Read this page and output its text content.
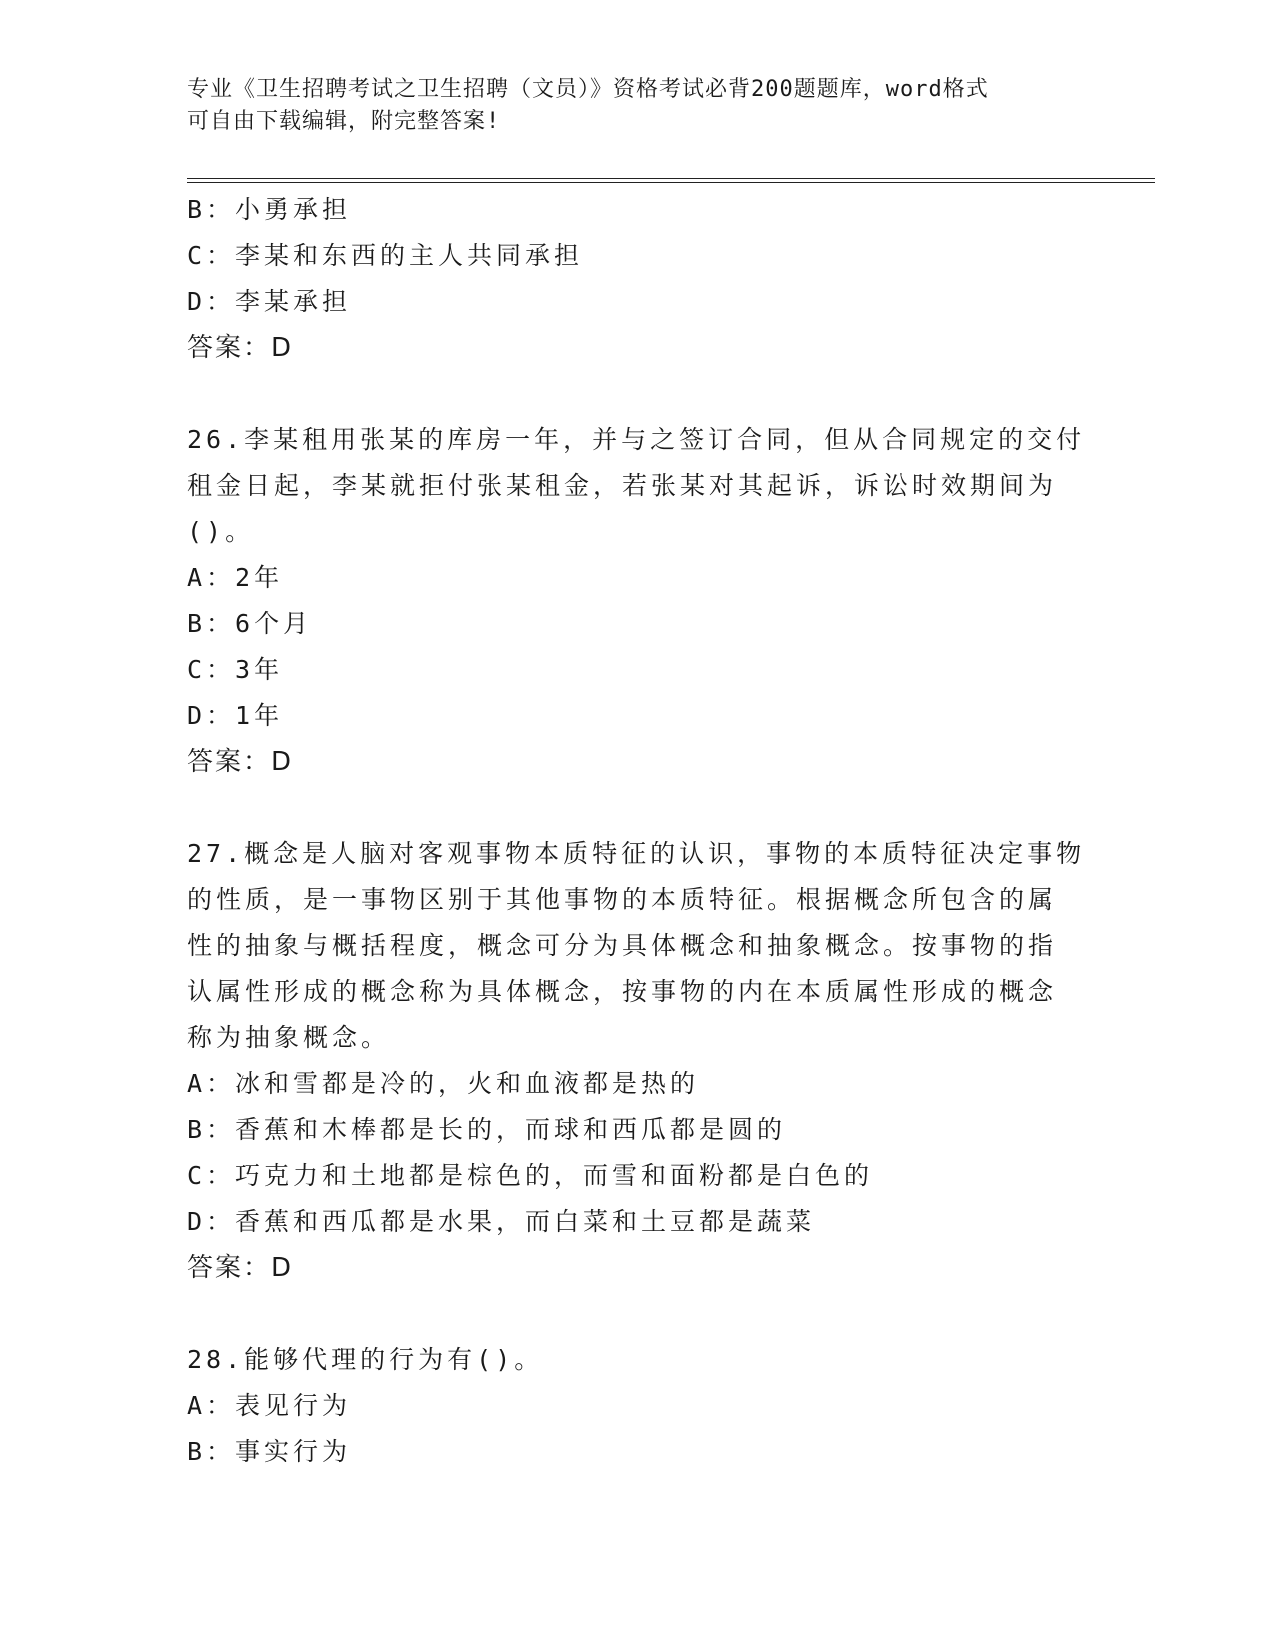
专业《卫生招聘考试之卫生招聘（文员）》资格考试必背200题题库，word格式
可自由下载编辑，附完整答案!
B：小勇承担
C：李某和东西的主人共同承担
D：李某承担
答案：D
26.李某租用张某的库房一年，并与之签订合同，但从合同规定的交付
租金日起，李某就拒付张某租金，若张某对其起诉，诉讼时效期间为
()。
A：2年
B：6个月
C：3年
D：1年
答案：D
27.概念是人脑对客观事物本质特征的认识，事物的本质特征决定事物
的性质，是一事物区别于其他事物的本质特征。根据概念所包含的属
性的抽象与概括程度，概念可分为具体概念和抽象概念。按事物的指
认属性形成的概念称为具体概念，按事物的内在本质属性形成的概念
称为抽象概念。
A：冰和雪都是冷的，火和血液都是热的
B：香蕉和木棒都是长的，而球和西瓜都是圆的
C：巧克力和土地都是棕色的，而雪和面粉都是白色的
D：香蕉和西瓜都是水果，而白菜和土豆都是蔬菜
答案：D
28.能够代理的行为有()。
A：表见行为
B：事实行为
